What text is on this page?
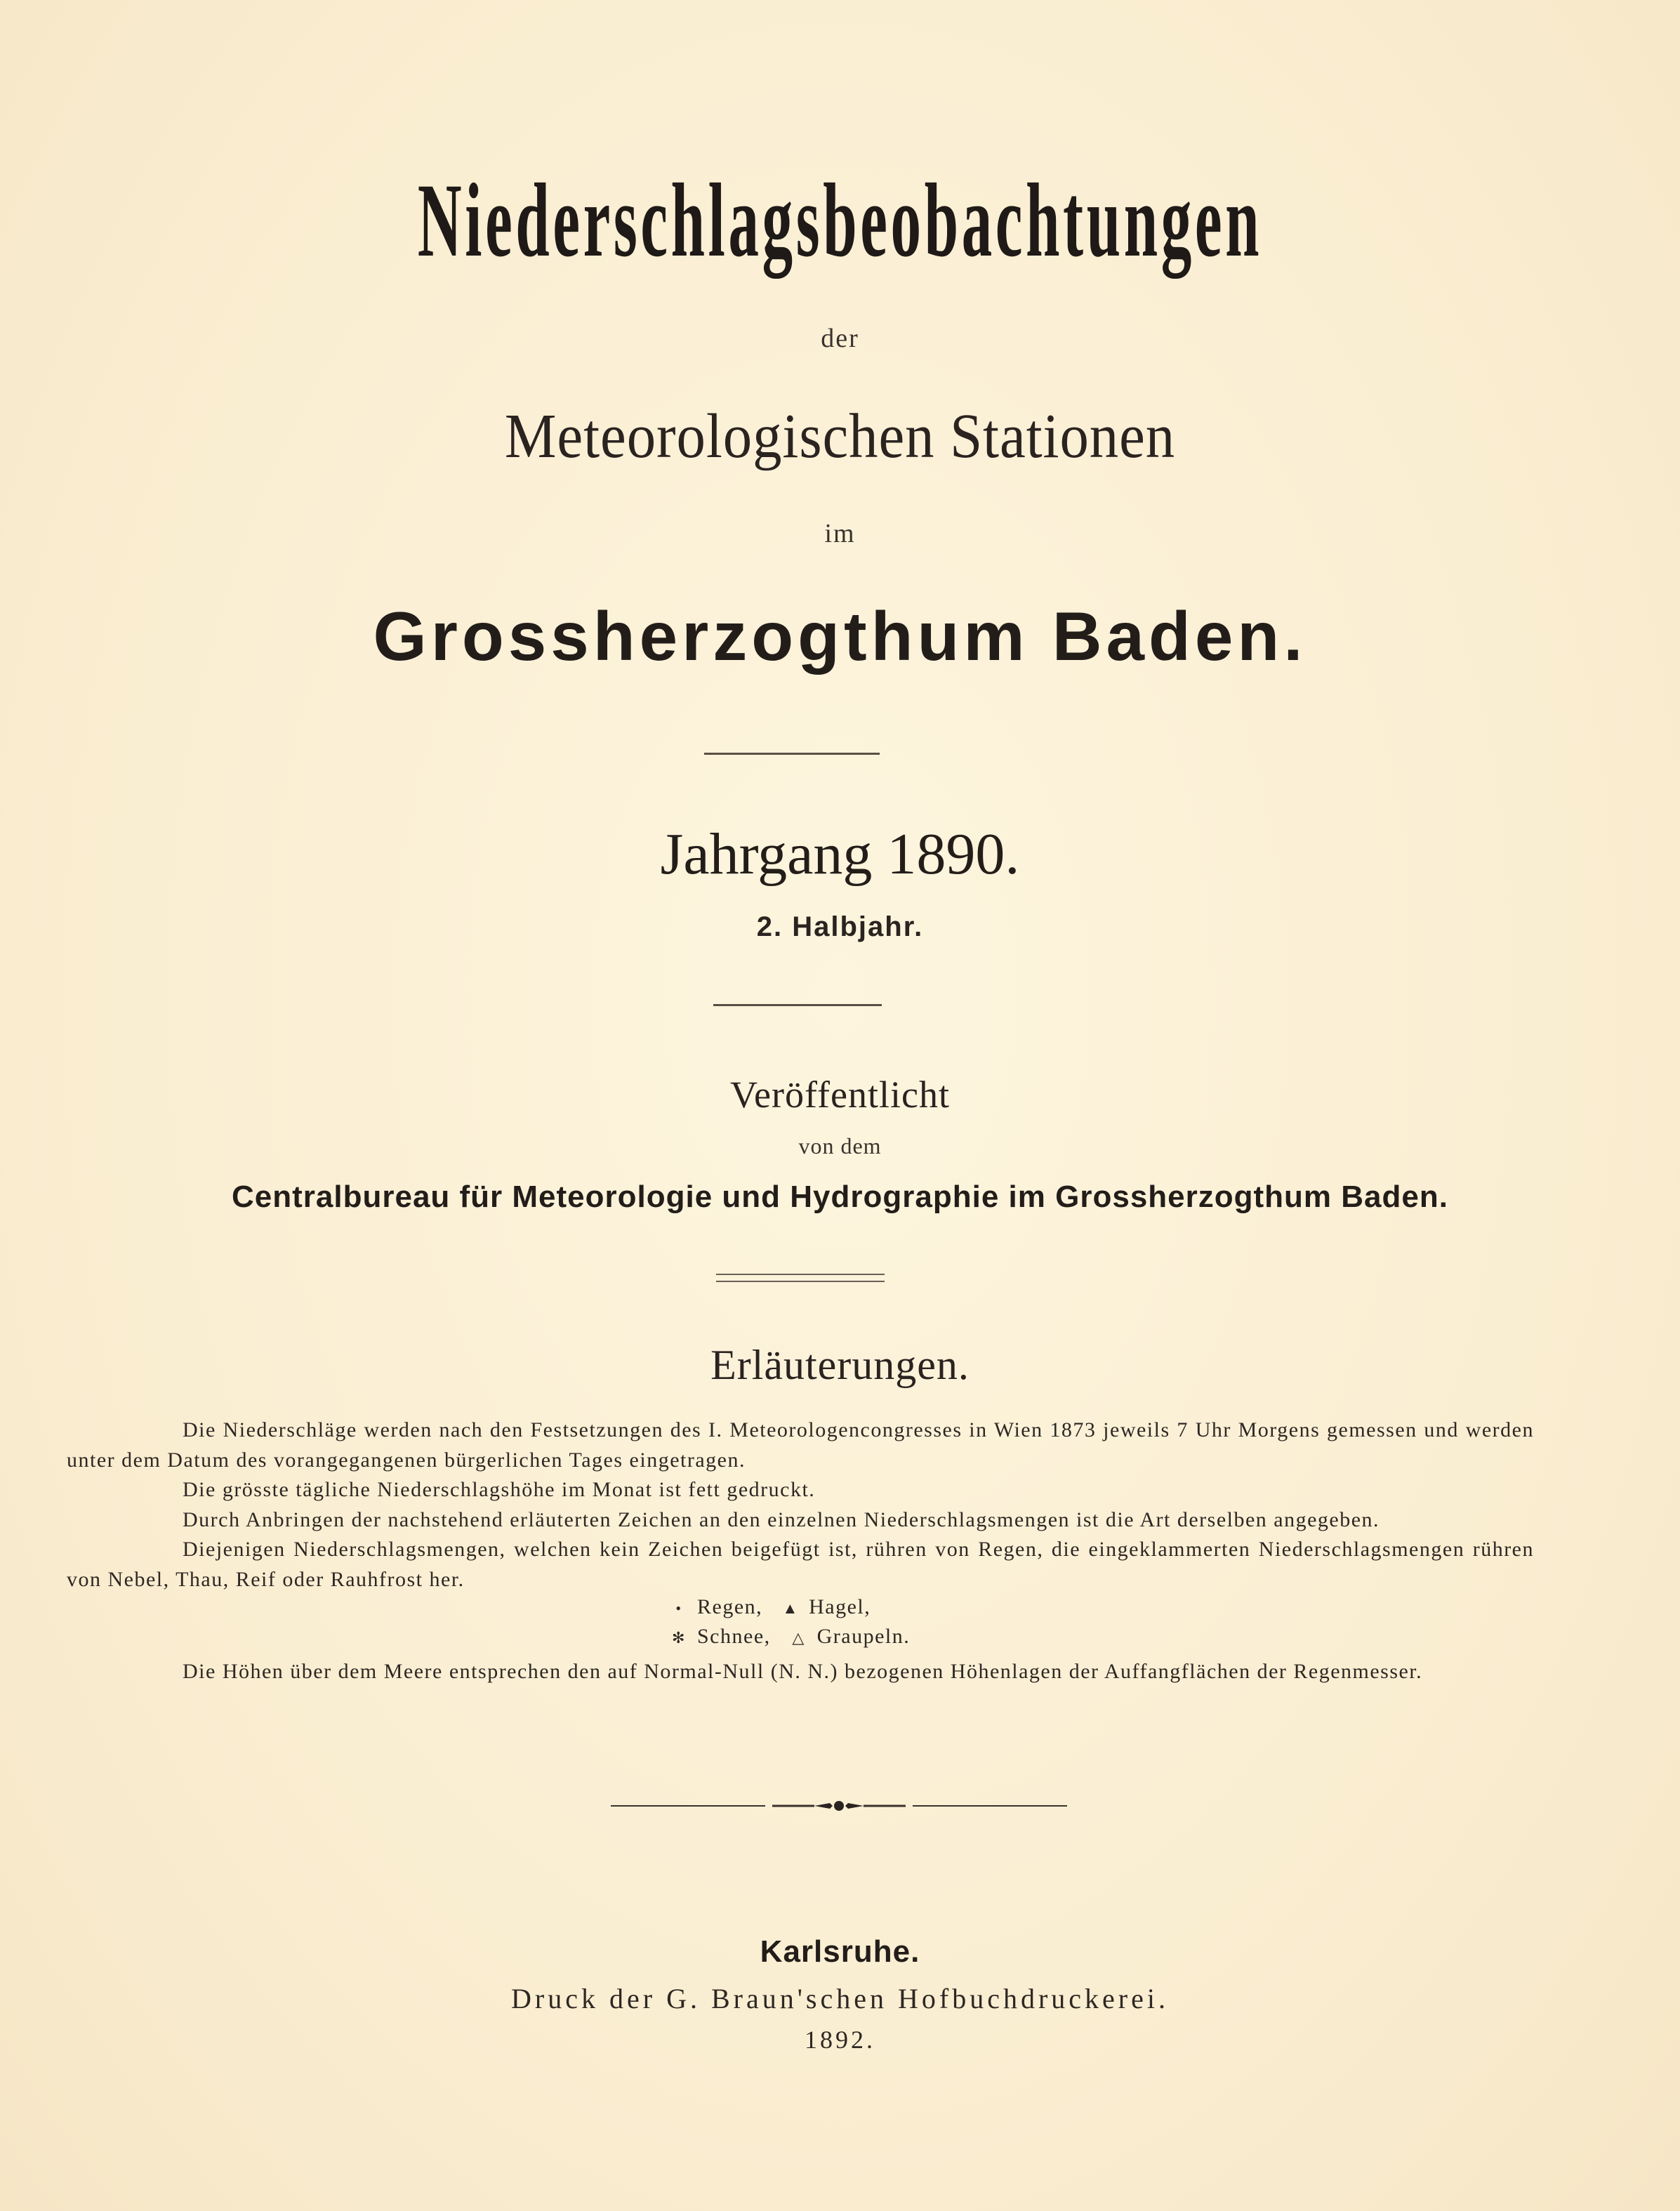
Niederschlagsbeobachtungen
der
Meteorologischen Stationen
im
Grossherzogthum Baden.
Jahrgang 1890.
2. Halbjahr.
Veröffentlicht
von dem
Centralbureau für Meteorologie und Hydrographie im Grossherzogthum Baden.
Erläuterungen.
Die Niederschläge werden nach den Festsetzungen des I. Meteorologencongresses in Wien 1873 jeweils 7 Uhr Morgens gemessen und werden unter dem Datum des vorangegangenen bürgerlichen Tages eingetragen.
Die grösste tägliche Niederschlagshöhe im Monat ist fett gedruckt.
Durch Anbringen der nachstehend erläuterten Zeichen an den einzelnen Niederschlagsmengen ist die Art derselben angegeben.
Diejenigen Niederschlagsmengen, welchen kein Zeichen beigefügt ist, rühren von Regen, die eingeklammerten Niederschlagsmengen rühren von Nebel, Thau, Reif oder Rauhfrost her.
• Regen, ▲ Hagel,
✻ Schnee, △ Graupeln.
Die Höhen über dem Meere entsprechen den auf Normal-Null (N. N.) bezogenen Höhenlagen der Auffangflächen der Regenmesser.
Karlsruhe.
Druck der G. Braun'schen Hofbuchdruckerei.
1892.
